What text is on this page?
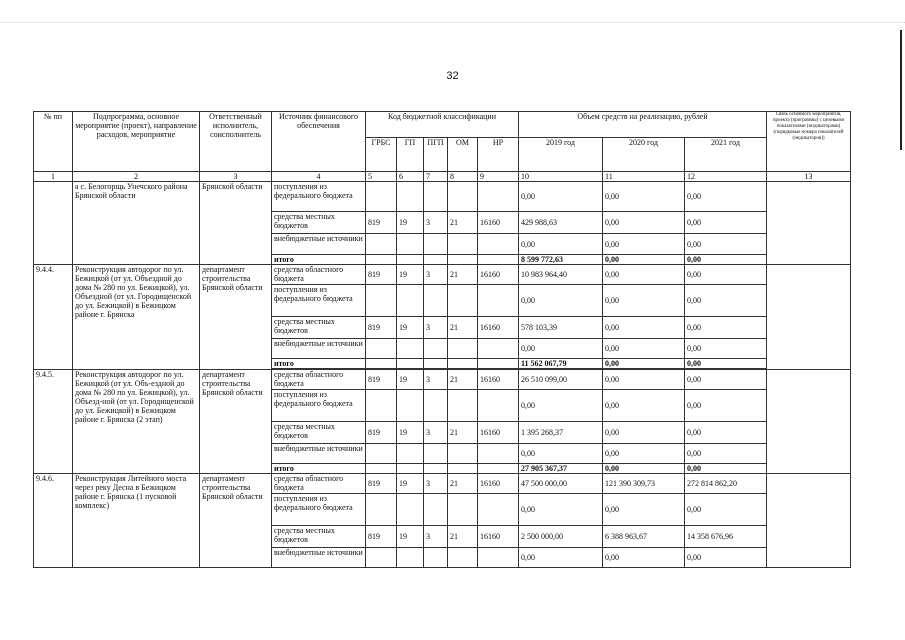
32
№ пп	Подпрограмма, основное мероприятие (проект), направление расходов, мероприятие	Ответственный исполнитель, соисполнитель	Источник финансового обеспечения	Код бюджетной классификации					Объем средств на реализацию, рублей			Связь основного мероприятия, проекта (программы) с целевыми показателями (индикаторами) (порядковые номера показателей (индикаторов))
				ГРБС	ГП	ПГП	ОМ	НР	2019 год	2020 год	2021 год	
1	2	3	4	5	6	7	8	9	10	11	12	13
	а с. Белогорщь Унечского района Брянской области	Брянской области	поступления из федерального бюджета						0,00	0,00	0,00	
			средства местных бюджетов	819	19	3	21	16160	429 988,63	0,00	0,00	
			внебюджетные источники						0,00	0,00	0,00	
			итого						8 599 772,63	0,00	0,00	
9.4.4.	Реконструкция автодорог по ул. Бежицкой (от ул. Объездной до дома № 280 по ул. Бежицкой), ул. Объездной (от ул. Городищенской до ул. Бежицкой) в Бежицком районе г. Брянска	департамент строительства Брянской области	средства областного бюджета	819	19	3	21	16160	10 983 964,40	0,00	0,00	
			поступления из федерального бюджета						0,00	0,00	0,00	
			средства местных бюджетов	819	19	3	21	16160	578 103,39	0,00	0,00	
			внебюджетные источники						0,00	0,00	0,00	
			итого						11 562 067,79	0,00	0,00	

9.4.5.	Реконструкция автодорог по ул. Бежицкой (от ул. Объ-ездной до дома № 280 по ул. Бежицкой), ул. Объезд-ной (от ул. Городищенской до ул. Бежицкой) в Бежицком районе г. Брянска (2 этап)	департамент строительства Брянской области	средства областного бюджета	819	19	3	21	16160	26 510 099,00	0,00	0,00	
			поступления из федерального бюджета						0,00	0,00	0,00	
			средства местных бюджетов	819	19	3	21	16160	1 395 268,37	0,00	0,00	
			внебюджетные источники						0,00	0,00	0,00	
			итого						27 905 367,37	0,00	0,00	
9.4.6.	Реконструкция Литейного моста через реку Десна в Бежицком районе г. Брянска (1 пусковой комплекс)	департамент строительства Брянской области	средства областного бюджета	819	19	3	21	16160	47 500 000,00	121 390 309,73	272 814 862,20	
			поступления из федерального бюджета						0,00	0,00	0,00	
			средства местных бюджетов	819	19	3	21	16160	2 500 000,00	6 388 963,67	14 358 676,96	
			внебюджетные источники						0,00	0,00	0,00	
